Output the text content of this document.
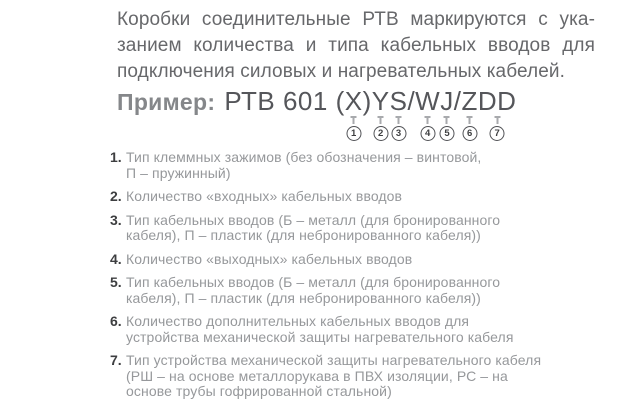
Коробки соединительные РТВ маркируются с ука-
занием количества и типа кабельных вводов для
подключения силовых и нагревательных кабелей.
Пример: РТВ 601 (X)
1
Y
2
S
3
/W
4
J
5
/Z
6
DD
7
1. Тип клеммных зажимов (без обозначения – винтовой,
П – пружинный)
2. Количество «входных» кабельных вводов
3. Тип кабельных вводов (Б – металл (для бронированного
кабеля), П – пластик (для небронированного кабеля))
4. Количество «выходных» кабельных вводов
5. Тип кабельных вводов (Б – металл (для бронированного
кабеля), П – пластик (для небронированного кабеля))
6. Количество дополнительных кабельных вводов для
устройства механической защиты нагревательного кабеля
7. Тип устройства механической защиты нагревательного кабеля
(РШ – на основе металлорукава в ПВХ изоляции, РС – на
основе трубы гофрированной стальной)
